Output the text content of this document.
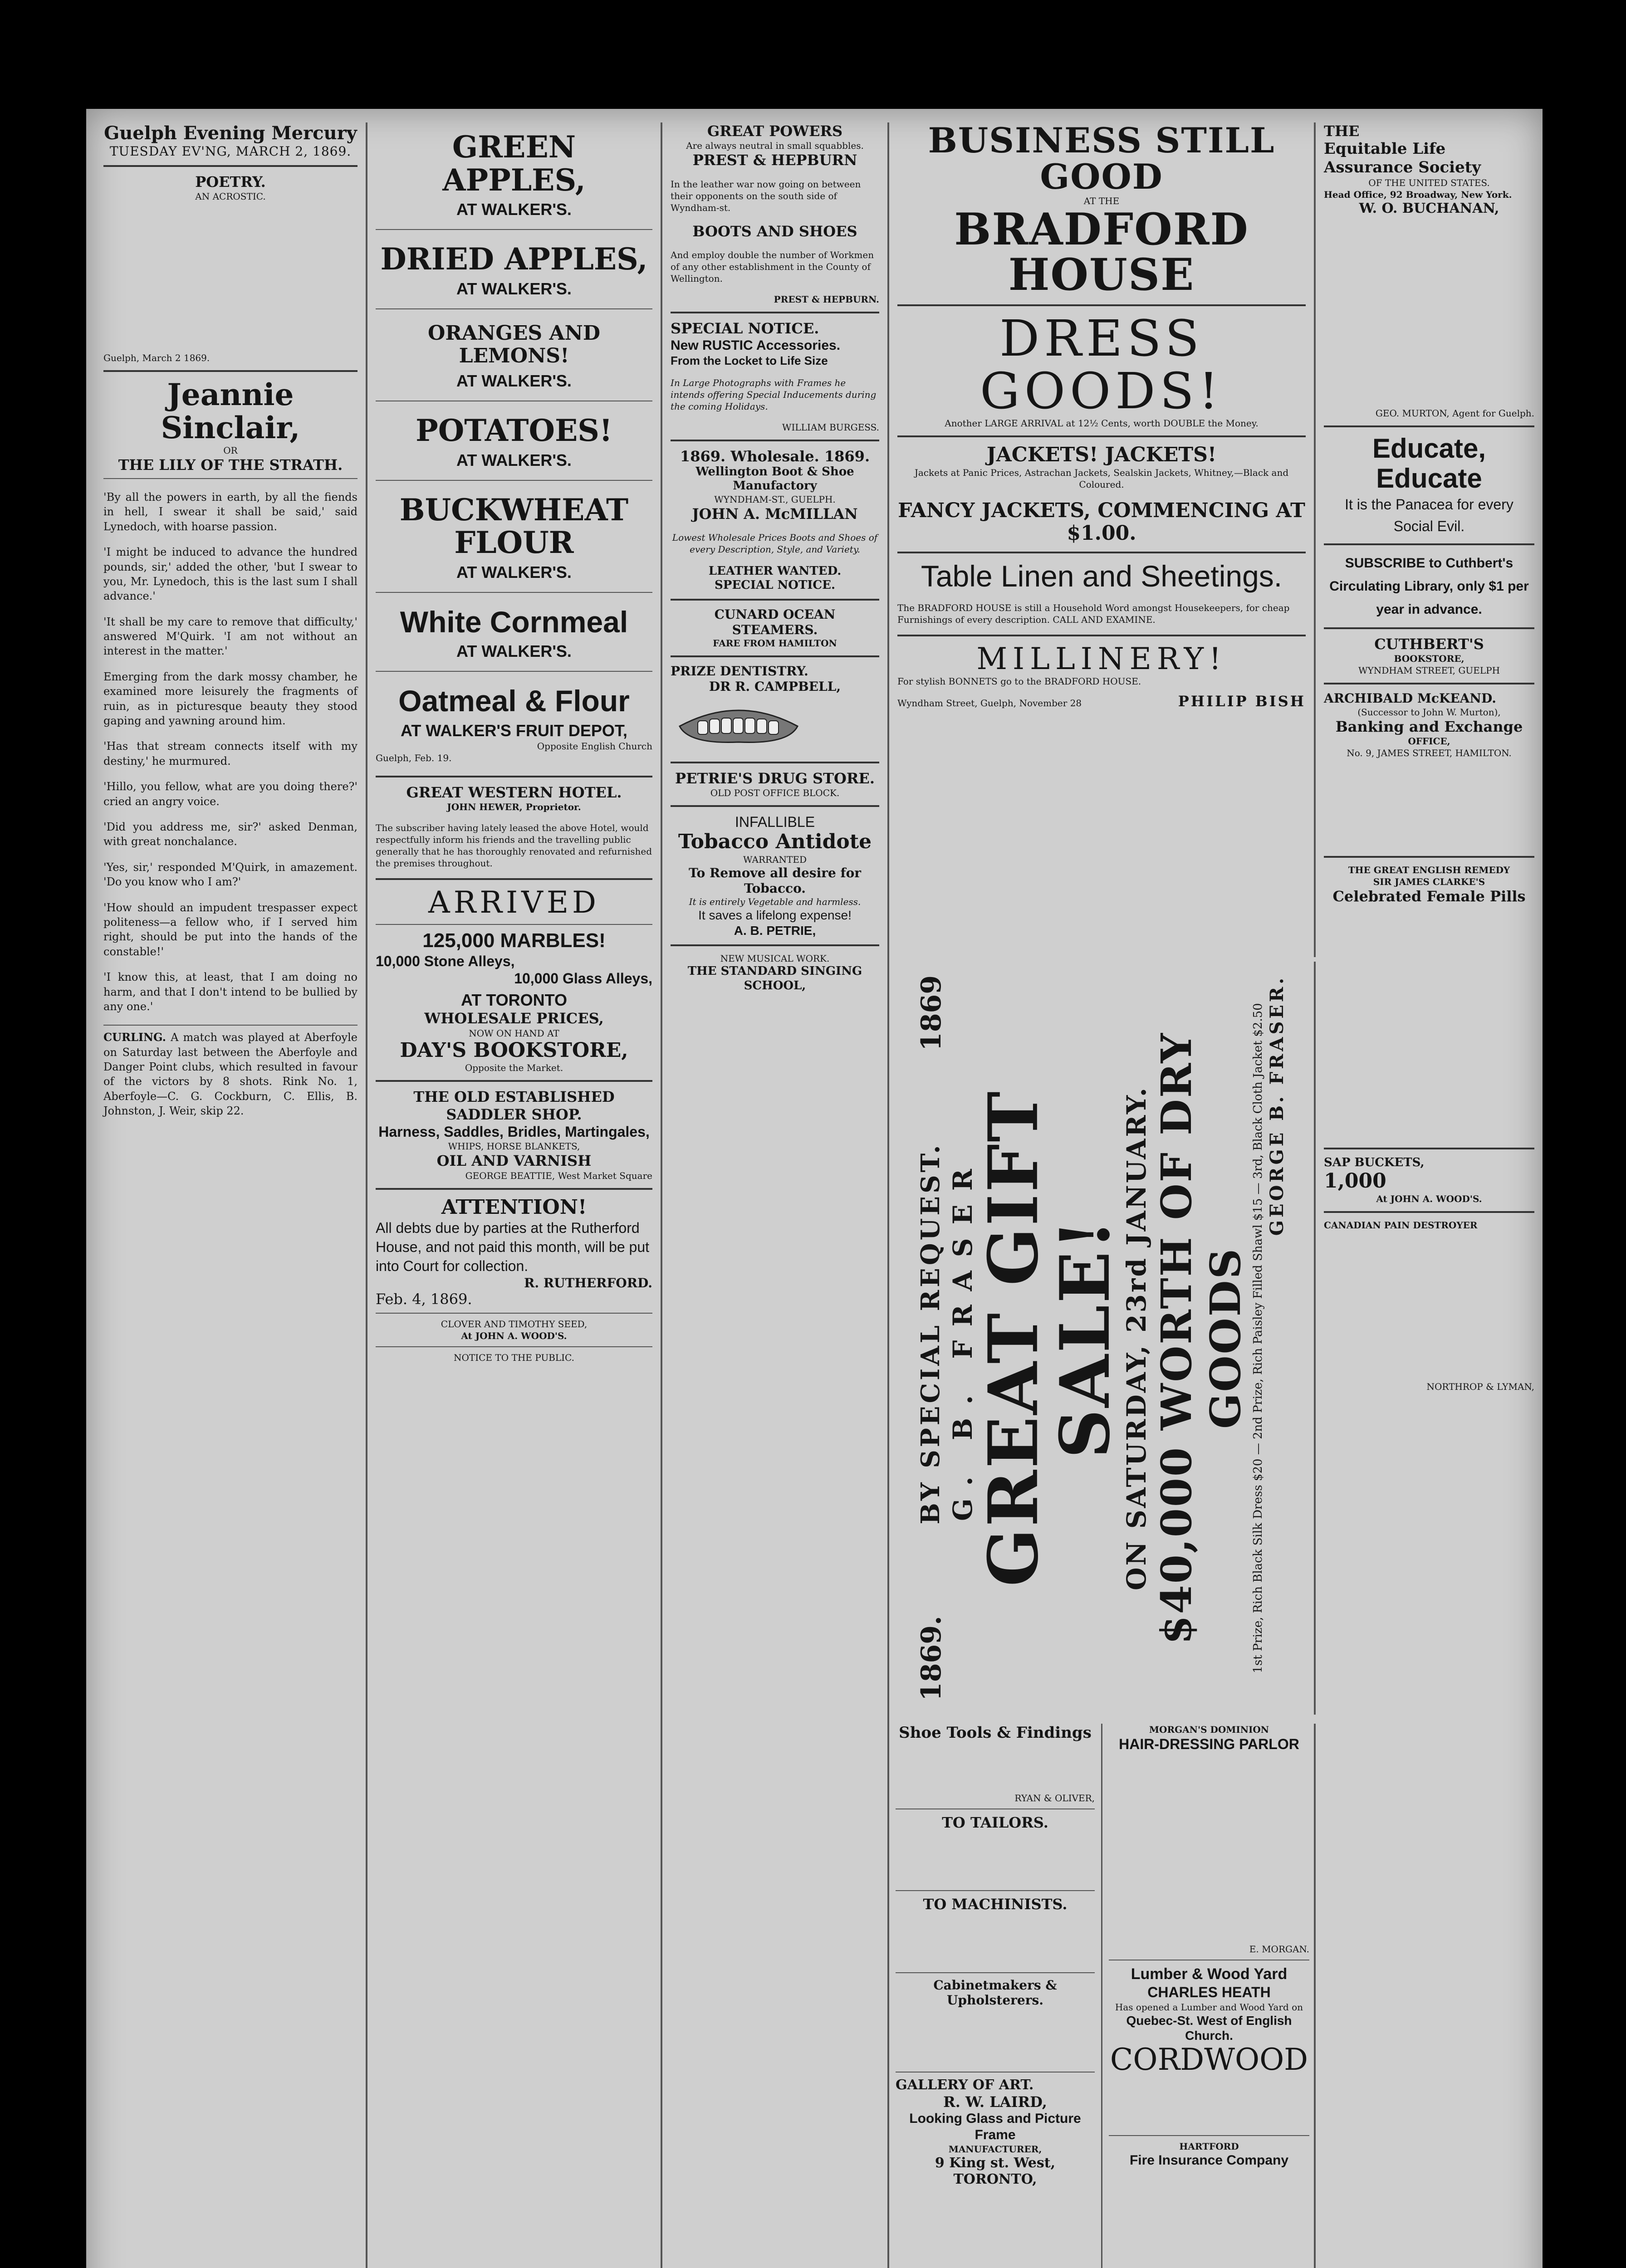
Guelph Evening Mercury
TUESDAY EV'NG, MARCH 2, 1869.
POETRY.
AN ACROSTIC.
Guelph, March 2 1869.
Jeannie Sinclair,
OR
THE LILY OF THE STRATH.

'By all the powers in earth, by all the fiends in hell, I swear it shall be said,' said Lynedoch, with hoarse passion.

'I might be induced to advance the hundred pounds, sir,' added the other, 'but I swear to you, Mr. Lynedoch, this is the last sum I shall advance.'

'It shall be my care to remove that difficulty,' answered M'Quirk. 'I am not without an interest in the matter.'

Emerging from the dark mossy chamber, he examined more leisurely the fragments of ruin, as in picturesque beauty they stood gaping and yawning around him.

'Has that stream connects itself with my destiny,' he murmured.

'Hillo, you fellow, what are you doing there?' cried an angry voice.

'Did you address me, sir?' asked Denman, with great nonchalance.

'Yes, sir,' responded M'Quirk, in amazement. 'Do you know who I am?'

'How should an impudent trespasser expect politeness—a fellow who, if I served him right, should be put into the hands of the constable!'

'I know this, at least, that I am doing no harm, and that I don't intend to be bullied by any one.'

CURLING. A match was played at Aberfoyle on Saturday last between the Aberfoyle and Danger Point clubs, which resulted in favour of the victors by 8 shots. Rink No. 1, Aberfoyle—C. G. Cockburn, C. Ellis, B. Johnston, J. Weir, skip 22.
GREEN APPLES,
AT WALKER'S.
DRIED APPLES,
AT WALKER'S.
ORANGES AND LEMONS!
AT WALKER'S.
POTATOES!
AT WALKER'S.
BUCKWHEAT FLOUR
AT WALKER'S.
White Cornmeal
AT WALKER'S.
Oatmeal & Flour
AT WALKER'S FRUIT DEPOT,
Opposite English Church
Guelph, Feb. 19.
GREAT WESTERN HOTEL.
JOHN HEWER, Proprietor.

The subscriber having lately leased the above Hotel, would respectfully inform his friends and the travelling public generally that he has thoroughly renovated and refurnished the premises throughout.

ARRIVED
125,000 MARBLES!
10,000 Stone Alleys,
10,000 Glass Alleys,
AT TORONTO
WHOLESALE PRICES,
NOW ON HAND AT
DAY'S BOOKSTORE,
Opposite the Market.
THE OLD ESTABLISHED SADDLER SHOP.
Harness, Saddles, Bridles, Martingales,
WHIPS, HORSE BLANKETS,
OIL AND VARNISH
GEORGE BEATTIE, West Market Square
ATTENTION!
All debts due by parties at the Rutherford House, and not paid this month, will be put into Court for collection.
R. RUTHERFORD.
Feb. 4, 1869.
CLOVER AND TIMOTHY SEED,
At JOHN A. WOOD'S.
NOTICE TO THE PUBLIC.
GREAT POWERS
Are always neutral in small squabbles.
PREST & HEPBURN

In the leather war now going on between their opponents on the south side of Wyndham-st.

BOOTS AND SHOES

And employ double the number of Workmen of any other establishment in the County of Wellington.

PREST & HEPBURN.
SPECIAL NOTICE.
New RUSTIC Accessories.
From the Locket to Life Size

In Large Photographs with Frames he intends offering Special Inducements during the coming Holidays.

WILLIAM BURGESS.
1869. Wholesale. 1869.
Wellington Boot & Shoe Manufactory
WYNDHAM-ST., GUELPH.
JOHN A. McMILLAN

Lowest Wholesale Prices Boots and Shoes of every Description, Style, and Variety.

LEATHER WANTED.
SPECIAL NOTICE.
CUNARD OCEAN STEAMERS.
FARE FROM HAMILTON
PRIZE DENTISTRY.
DR R. CAMPBELL,
PETRIE'S DRUG STORE.
OLD POST OFFICE BLOCK.
INFALLIBLE
Tobacco Antidote
WARRANTED
To Remove all desire for Tobacco.
It is entirely Vegetable and harmless.
It saves a lifelong expense!
A. B. PETRIE,
NEW MUSICAL WORK.
THE STANDARD SINGING SCHOOL,
BUSINESS STILL GOOD
AT THE
BRADFORD HOUSE
DRESS GOODS!
Another LARGE ARRIVAL at 12½ Cents, worth DOUBLE the Money.
JACKETS! JACKETS!
Jackets at Panic Prices, Astrachan Jackets, Sealskin Jackets, Whitney,—Black and Coloured.
FANCY JACKETS, COMMENCING AT $1.00.
Table Linen and Sheetings.

The BRADFORD HOUSE is still a Household Word amongst Housekeepers, for cheap Furnishings of every description. CALL AND EXAMINE.

MILLINERY!
For stylish BONNETS go to the BRADFORD HOUSE.
Wyndham Street, Guelph, November 28	PHILIP BISH
1869.
BY SPECIAL REQUEST.
1869
G. B. FRASER
GREAT GIFT SALE!
ON SATURDAY, 23rd JANUARY. $40,000 WORTH OF DRY GOODS 1st Prize, Rich Black Silk Dress $20 — 2nd Prize, Rich Paisley Filled Shawl $15 — 3rd, Black Cloth Jacket $2.50 GEORGE B. FRASER.
Shoe Tools & Findings
RYAN & OLIVER,
TO TAILORS.
TO MACHINISTS.
Cabinetmakers & Upholsterers.
GALLERY OF ART.
R. W. LAIRD,
Looking Glass and Picture Frame
MANUFACTURER,
9 King st. West, TORONTO,
MORGAN'S DOMINION
HAIR-DRESSING PARLOR
E. MORGAN.
Lumber & Wood Yard
CHARLES HEATH
Has opened a Lumber and Wood Yard on
Quebec-St. West of English Church.
CORDWOOD
HARTFORD
Fire Insurance Company
THE
Equitable Life Assurance Society
OF THE UNITED STATES.
Head Office, 92 Broadway, New York.
W. O. BUCHANAN,
GEO. MURTON, Agent for Guelph.
Educate, Educate
It is the Panacea for every Social Evil.
SUBSCRIBE to Cuthbert's Circulating Library, only $1 per year in advance.
CUTHBERT'S
BOOKSTORE,
WYNDHAM STREET, GUELPH
ARCHIBALD McKEAND.
(Successor to John W. Murton),
Banking and Exchange
OFFICE,
No. 9, JAMES STREET, HAMILTON.
THE GREAT ENGLISH REMEDY
SIR JAMES CLARKE'S
Celebrated Female Pills
SAP BUCKETS,
1,000
At JOHN A. WOOD'S.
CANADIAN PAIN DESTROYER
NORTHROP & LYMAN,
